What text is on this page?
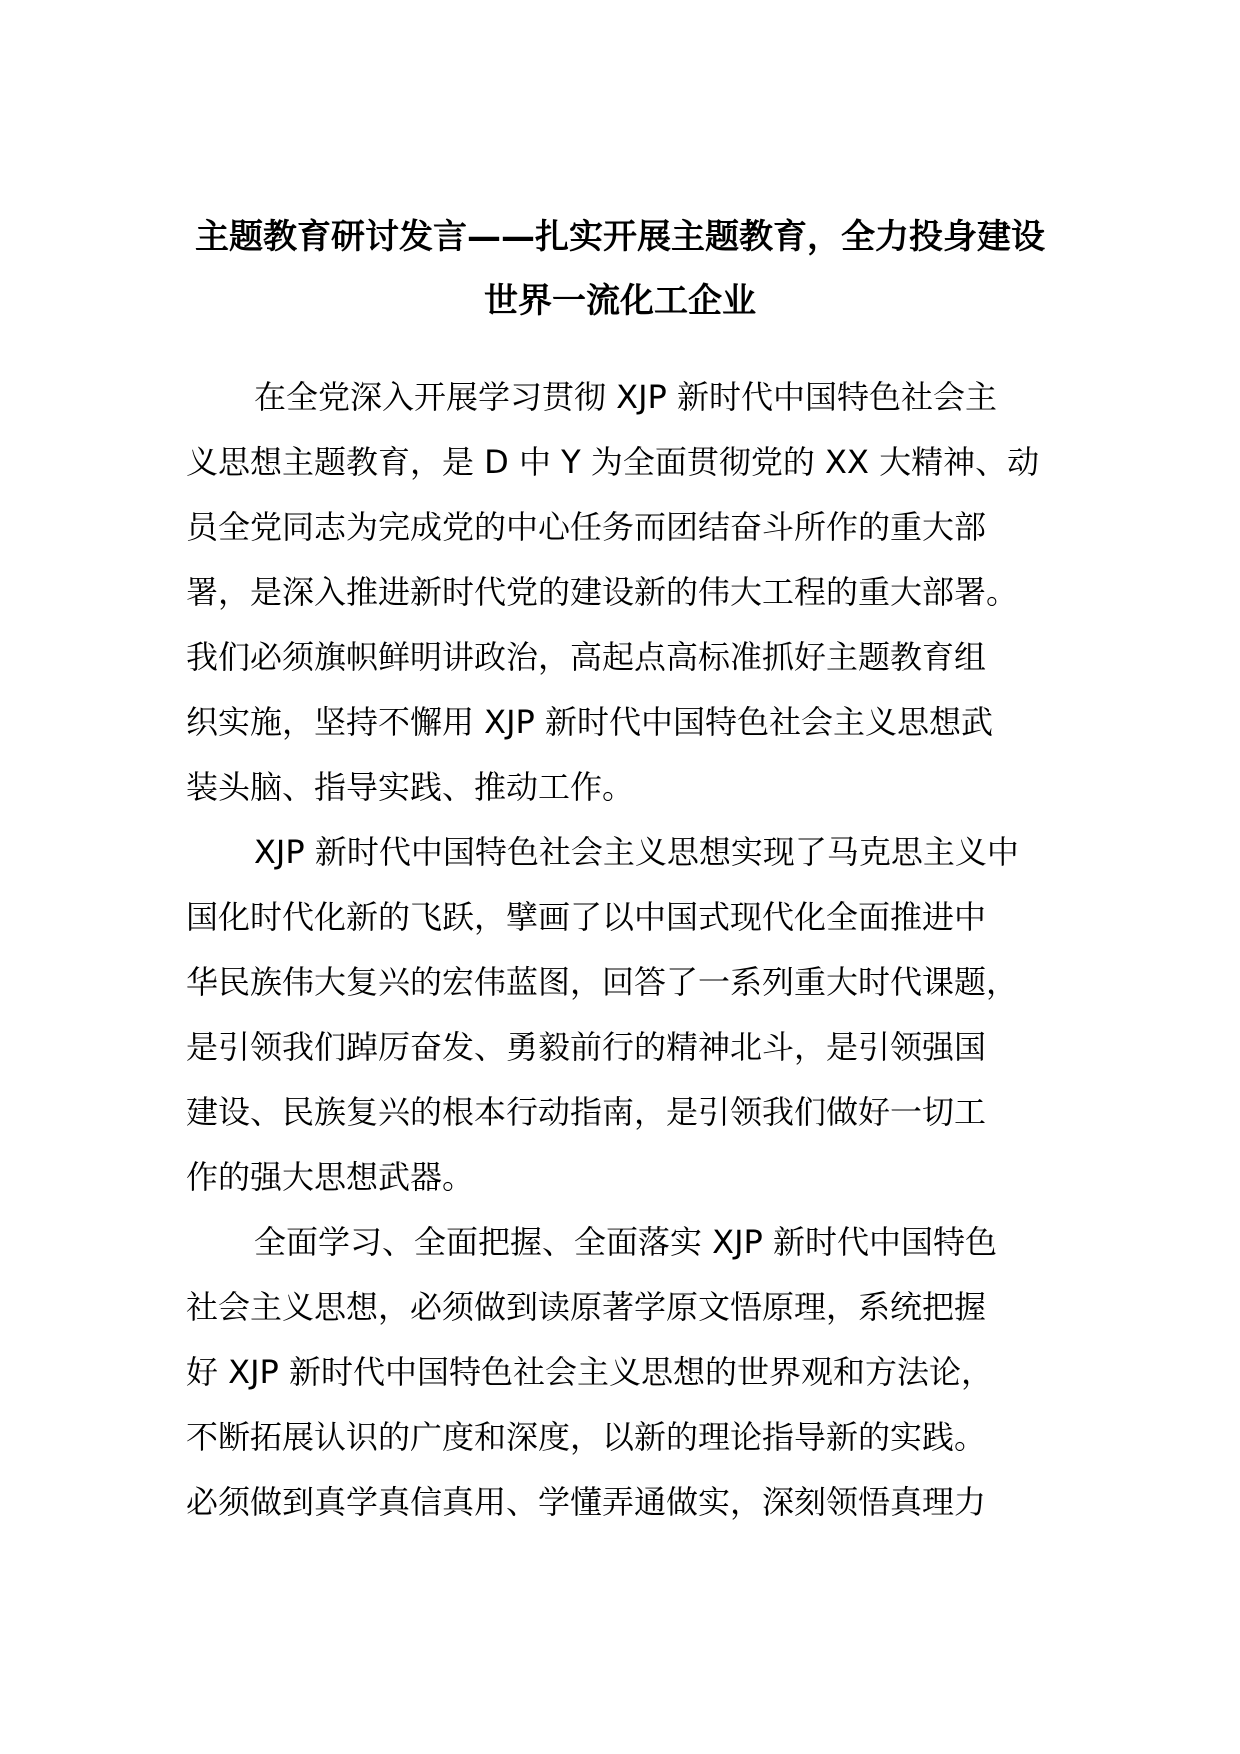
主题教育研讨发言——扎实开展主题教育，全力投身建设
世界一流化工企业

在全党深入开展学习贯彻 XJP 新时代中国特色社会主
义思想主题教育，是 D 中 Y 为全面贯彻党的 XX 大精神、动
员全党同志为完成党的中心任务而团结奋斗所作的重大部
署，是深入推进新时代党的建设新的伟大工程的重大部署。
我们必须旗帜鲜明讲政治，高起点高标准抓好主题教育组
织实施，坚持不懈用 XJP 新时代中国特色社会主义思想武
装头脑、指导实践、推动工作。

XJP 新时代中国特色社会主义思想实现了马克思主义中
国化时代化新的飞跃，擘画了以中国式现代化全面推进中
华民族伟大复兴的宏伟蓝图，回答了一系列重大时代课题，
是引领我们踔厉奋发、勇毅前行的精神北斗，是引领强国
建设、民族复兴的根本行动指南，是引领我们做好一切工
作的强大思想武器。

全面学习、全面把握、全面落实 XJP 新时代中国特色
社会主义思想，必须做到读原著学原文悟原理，系统把握
好 XJP 新时代中国特色社会主义思想的世界观和方法论，
不断拓展认识的广度和深度，以新的理论指导新的实践。
必须做到真学真信真用、学懂弄通做实，深刻领悟真理力
